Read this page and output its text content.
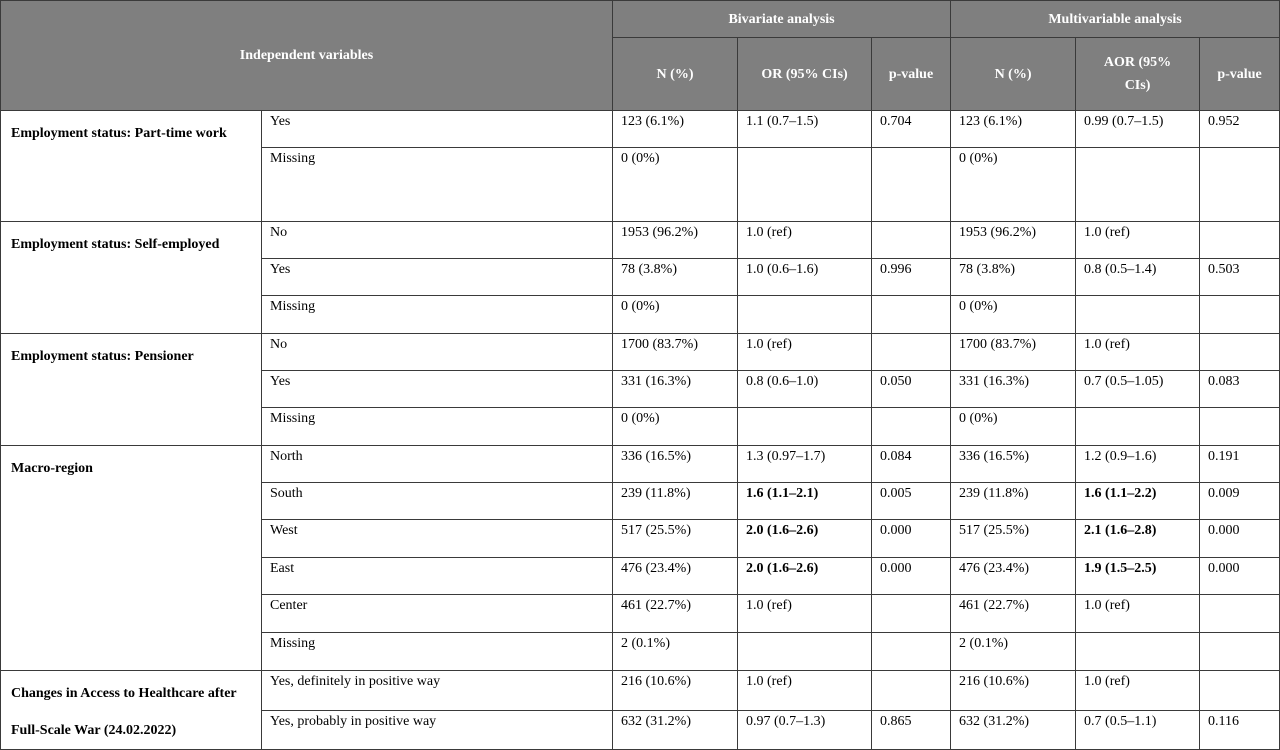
Independent variables		Bivariate analysis			Multivariable analysis		
		N (%)	OR (95% CIs)	p-value	N (%)	AOR (95%
CIs)	p-value
Employment status: Part-time work	Yes	123 (6.1%)	1.1 (0.7–1.5)	0.704	123 (6.1%)	0.99 (0.7–1.5)	0.952
	Missing	0 (0%)			0 (0%)		
Employment status: Self-employed	No	1953 (96.2%)	1.0 (ref)		1953 (96.2%)	1.0 (ref)	
	Yes	78 (3.8%)	1.0 (0.6–1.6)	0.996	78 (3.8%)	0.8 (0.5–1.4)	0.503
	Missing	0 (0%)			0 (0%)		
Employment status: Pensioner	No	1700 (83.7%)	1.0 (ref)		1700 (83.7%)	1.0 (ref)	
	Yes	331 (16.3%)	0.8 (0.6–1.0)	0.050	331 (16.3%)	0.7 (0.5–1.05)	0.083
	Missing	0 (0%)			0 (0%)		
Macro-region	North	336 (16.5%)	1.3 (0.97–1.7)	0.084	336 (16.5%)	1.2 (0.9–1.6)	0.191
	South	239 (11.8%)	1.6 (1.1–2.1)	0.005	239 (11.8%)	1.6 (1.1–2.2)	0.009
	West	517 (25.5%)	2.0 (1.6–2.6)	0.000	517 (25.5%)	2.1 (1.6–2.8)	0.000
	East	476 (23.4%)	2.0 (1.6–2.6)	0.000	476 (23.4%)	1.9 (1.5–2.5)	0.000
	Center	461 (22.7%)	1.0 (ref)		461 (22.7%)	1.0 (ref)	
	Missing	2 (0.1%)			2 (0.1%)		
Changes in Access to Healthcare after Full-Scale War (24.02.2022)	Yes, definitely in positive way	216 (10.6%)	1.0 (ref)		216 (10.6%)	1.0 (ref)	
	Yes, probably in positive way	632 (31.2%)	0.97 (0.7–1.3)	0.865	632 (31.2%)	0.7 (0.5–1.1)	0.116
